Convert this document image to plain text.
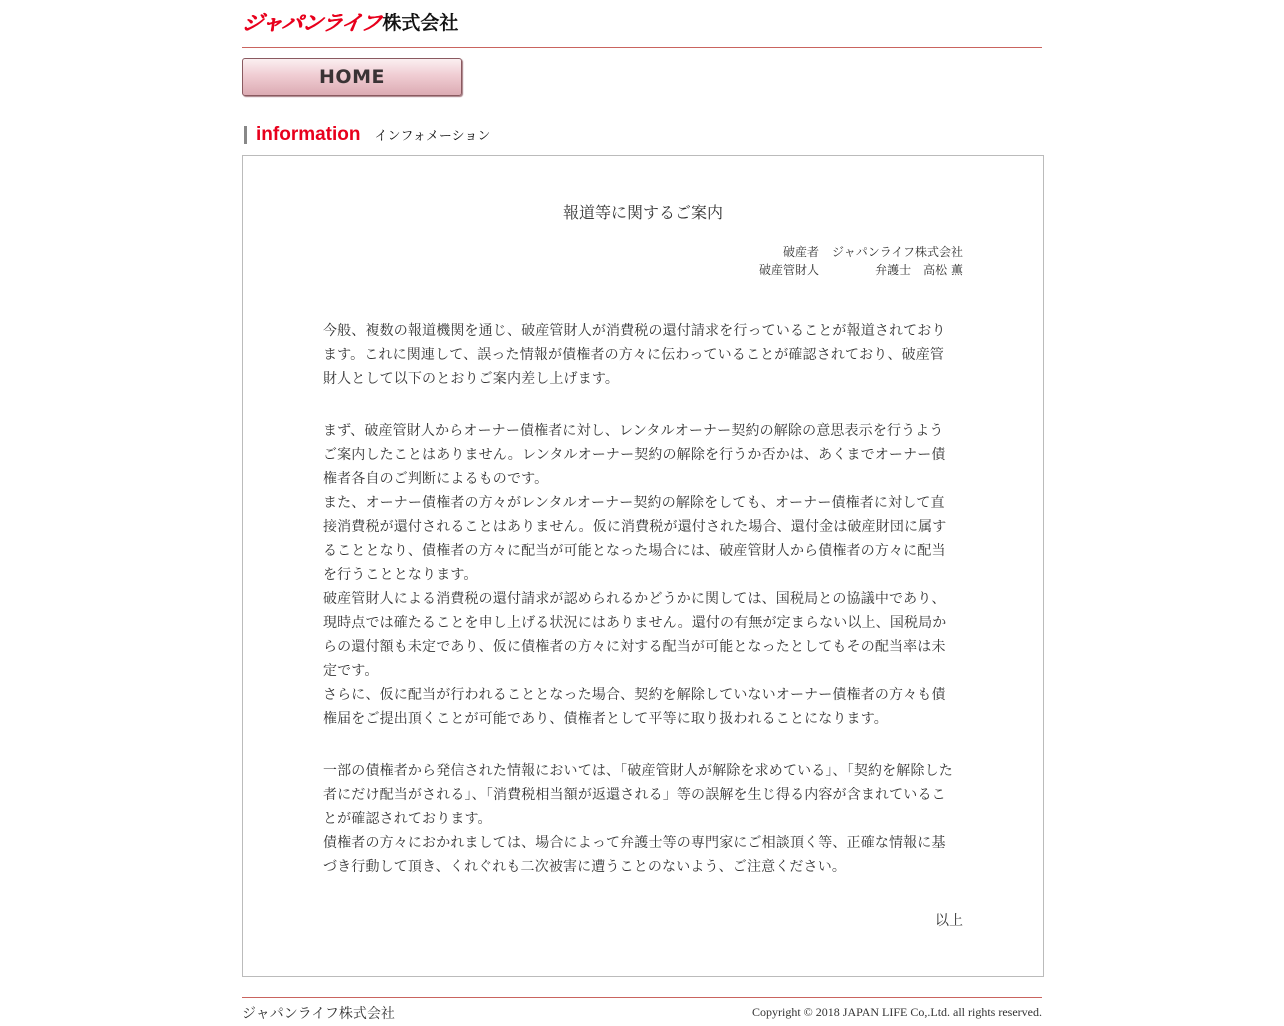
ジャパンライフ株式会社
HOME
information インフォメーション
報道等に関するご案内
破産者
破産管財人
ジャパンライフ株式会社
弁護士　高松 薫

今般、複数の報道機関を通じ、破産管財人が消費税の還付請求を行っていることが報道されております。これに関連して、誤った情報が債権者の方々に伝わっていることが確認されており、破産管財人として以下のとおりご案内差し上げます。

まず、破産管財人からオーナー債権者に対し、レンタルオーナー契約の解除の意思表示を行うようご案内したことはありません。レンタルオーナー契約の解除を行うか否かは、あくまでオーナー債権者各自のご判断によるものです。

また、オーナー債権者の方々がレンタルオーナー契約の解除をしても、オーナー債権者に対して直接消費税が還付されることはありません。仮に消費税が還付された場合、還付金は破産財団に属することとなり、債権者の方々に配当が可能となった場合には、破産管財人から債権者の方々に配当を行うこととなります。

破産管財人による消費税の還付請求が認められるかどうかに関しては、国税局との協議中であり、現時点では確たることを申し上げる状況にはありません。還付の有無が定まらない以上、国税局からの還付額も未定であり、仮に債権者の方々に対する配当が可能となったとしてもその配当率は未定です。

さらに、仮に配当が行われることとなった場合、契約を解除していないオーナー債権者の方々も債権届をご提出頂くことが可能であり、債権者として平等に取り扱われることになります。

一部の債権者から発信された情報においては、「破産管財人が解除を求めている」、「契約を解除した者にだけ配当がされる」、「消費税相当額が返還される」等の誤解を生じ得る内容が含まれていることが確認されております。

債権者の方々におかれましては、場合によって弁護士等の専門家にご相談頂く等、正確な情報に基づき行動して頂き、くれぐれも二次被害に遭うことのないよう、ご注意ください。

以上
ジャパンライフ株式会社	Copyright © 2018 JAPAN LIFE Co,.Ltd. all rights reserved.
